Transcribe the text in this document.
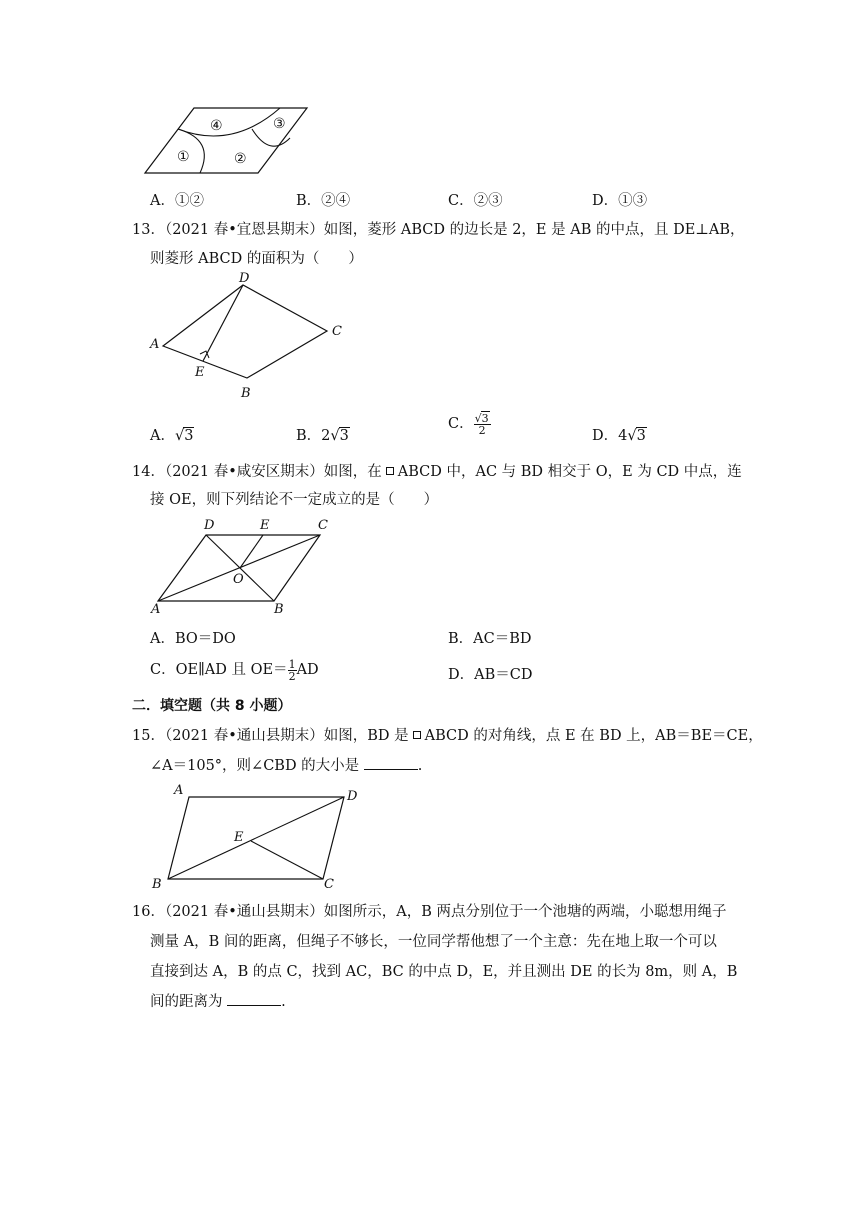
④	③
①	②
A．①②	B．②④	C．②③	D．①③
13．（2021 春•宜恩县期末）如图，菱形 ABCD 的边长是 2，E 是 AB 的中点，且 DE⊥AB，
则菱形 ABCD 的面积为（　　）
D
A
C
E
B
A．√3	B．2√3
C． $\frac{√3}{2}$
D．4√3
14．（2021 春•咸安区期末）如图，在 ABCD 中，AC 与 BD 相交于 O，E 为 CD 中点，连
接 OE，则下列结论不一定成立的是（　　）
D	E	C
O
A	B
A．BO＝DO	B．AC＝BD
C．OE∥AD 且 $OE= \frac{1}{2}$ AD	D．AB＝CD
二．填空题（共 8 小题）
15．（2021 春•通山县期末）如图，BD 是 ABCD 的对角线，点 E 在 BD 上，AB＝BE＝CE，
∠A＝105°，则∠CBD 的大小是	.
A	D
E
B	C
16．（2021 春•通山县期末）如图所示，A，B 两点分别位于一个池塘的两端，小聪想用绳子
测量 A，B 间的距离，但绳子不够长，一位同学帮他想了一个主意：先在地上取一个可以
直接到达 A，B 的点 C，找到 AC，BC 的中点 D，E，并且测出 DE 的长为 8m，则 A，B
间的距离为	.
